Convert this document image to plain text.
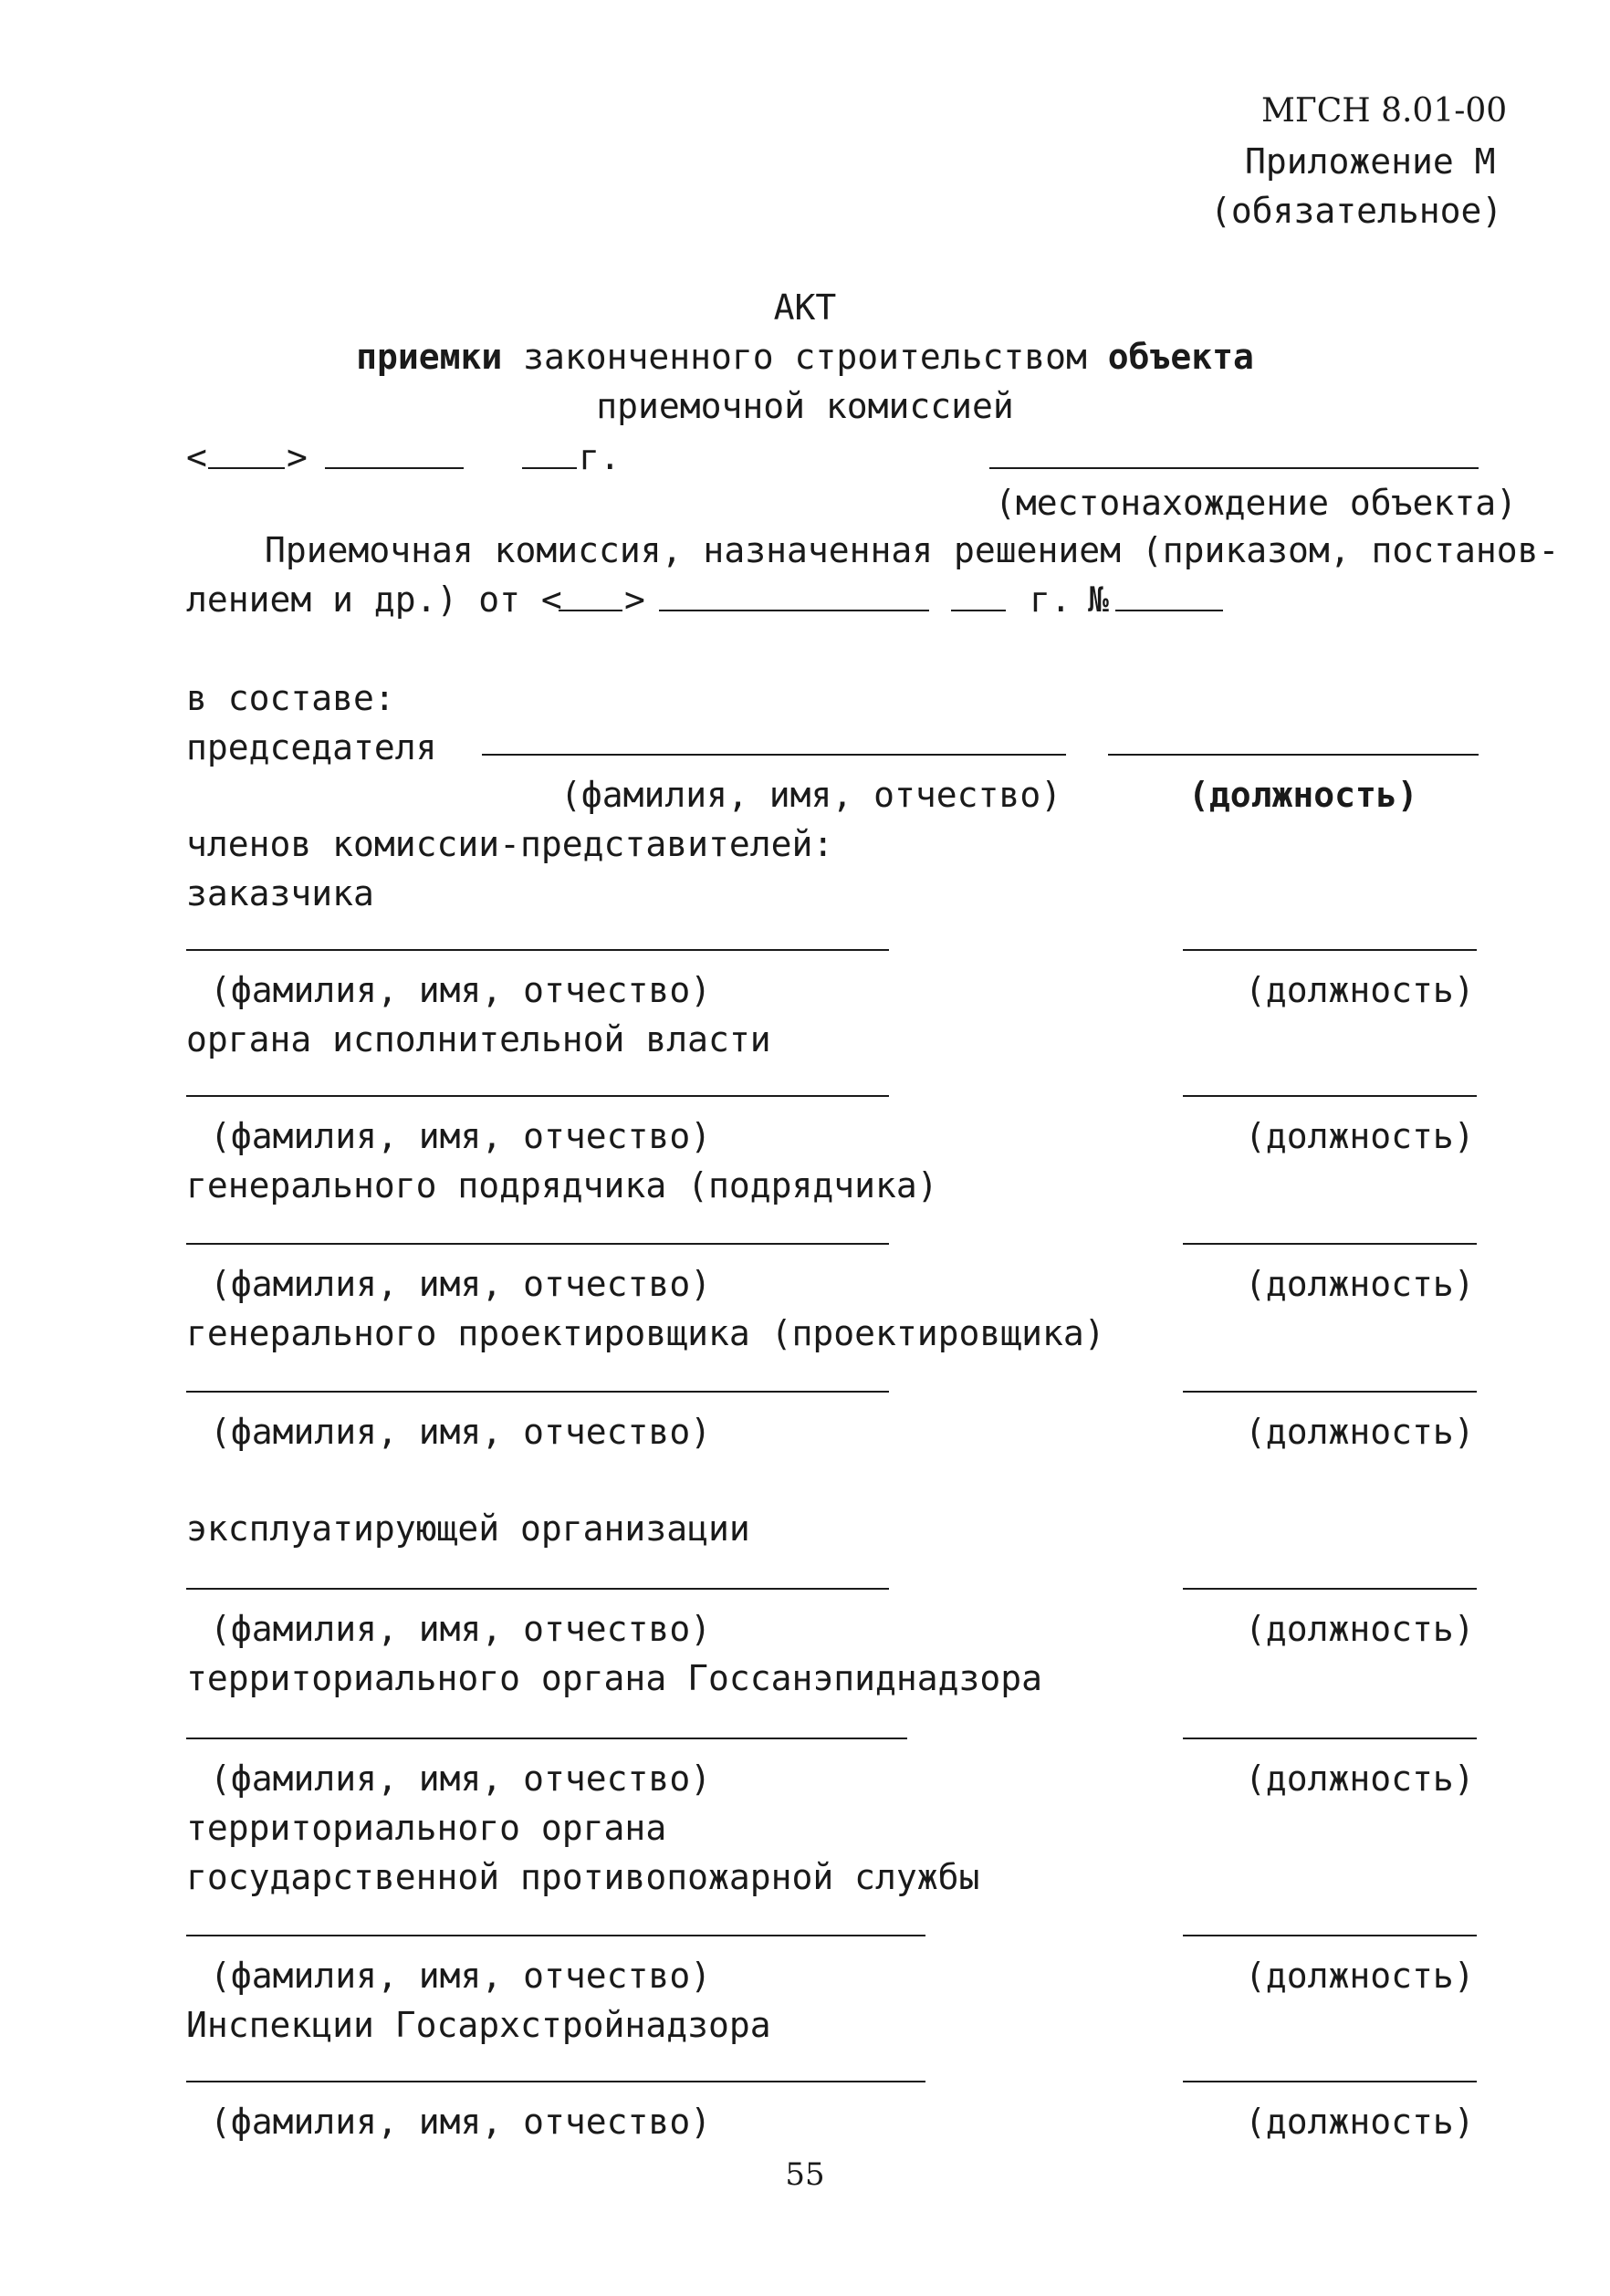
МГСН 8.01-00
Приложение М
(обязательное)
АКТ
приемки законченного строительством объекта
приемочной комиссией
< >	г.
(местонахождение объекта)
Приемочная комиссия, назначенная решением (приказом, постанов-
лением и др.) от < >	г. №
в составе:
председателя
(фамилия, имя, отчество)	(должность)
членов комиссии-представителей:
заказчика
(фамилия, имя, отчество)	(должность)
органа исполнительной власти
(фамилия, имя, отчество)	(должность)
генерального подрядчика (подрядчика)
(фамилия, имя, отчество)	(должность)
генерального проектировщика (проектировщика)
(фамилия, имя, отчество)	(должность)
эксплуатирующей организации
(фамилия, имя, отчество)	(должность)
территориального органа Госсанэпиднадзора
(фамилия, имя, отчество)	(должность)
территориального органа
государственной противопожарной службы
(фамилия, имя, отчество)	(должность)
Инспекции Госархстройнадзора
(фамилия, имя, отчество)	(должность)
55
